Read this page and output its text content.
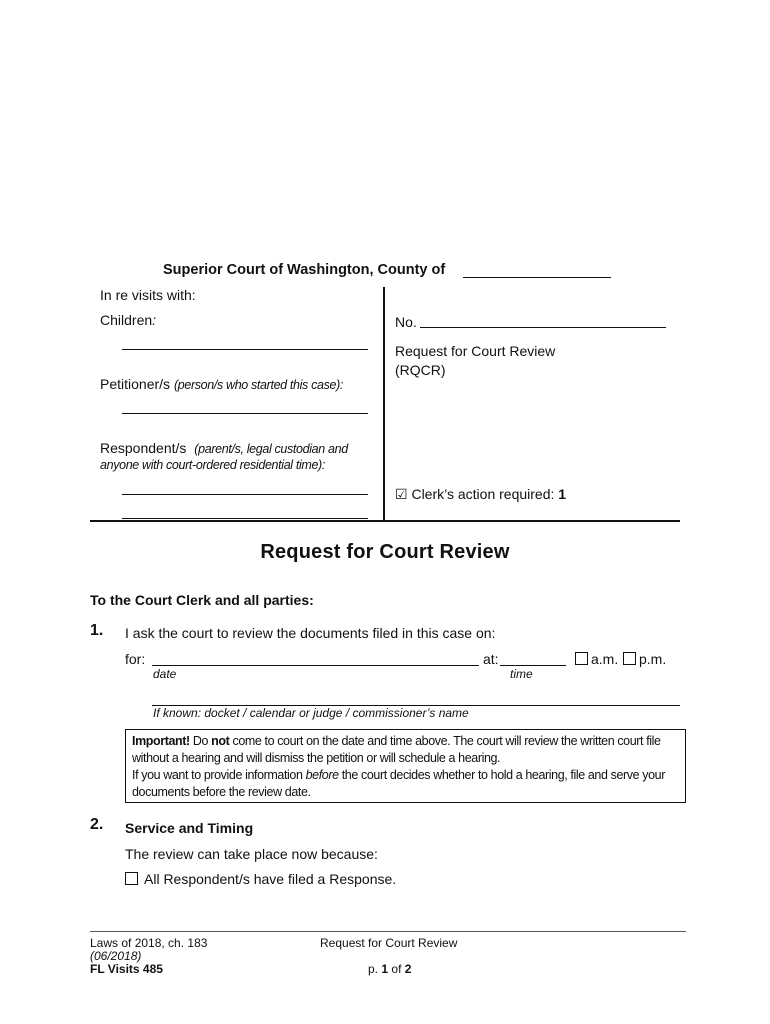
Superior Court of Washington, County of
In re visits with:
Children:
Petitioner/s (person/s who started this case):
Respondent/s (parent/s, legal custodian and
anyone with court-ordered residential time):
No.
Request for Court Review
(RQCR)
☑ Clerk’s action required: 1
Request for Court Review
To the Court Clerk and all parties:
1. I ask the court to review the documents filed in this case on:
for:	at:	a.m.	p.m.
date	time
If known: docket / calendar or judge / commissioner’s name

Important! Do not come to court on the date and time above. The court will review the written court file

without a hearing and will dismiss the petition or will schedule a hearing.

If you want to provide information before the court decides whether to hold a hearing, file and serve your

documents before the review date.

2. Service and Timing
The review can take place now because:
All Respondent/s have filed a Response.
Laws of 2018, ch. 183
(06/2018)
FL Visits 485
Request for Court Review
p. 1 of 2
